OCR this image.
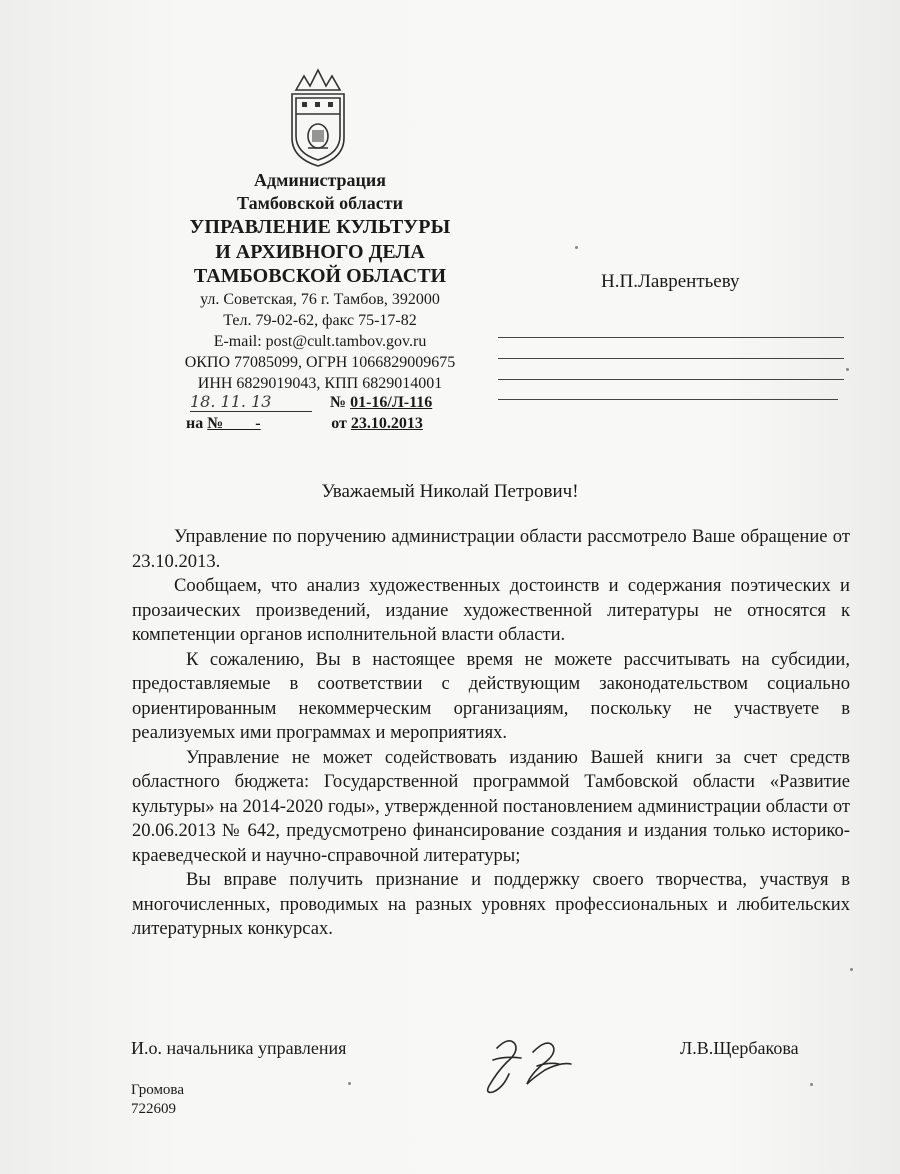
Администрация
Тамбовской области
УПРАВЛЕНИЕ КУЛЬТУРЫ
И АРХИВНОГО ДЕЛА
ТАМБОВСКОЙ ОБЛАСТИ
ул. Советская, 76 г. Тамбов, 392000
Тел. 79-02-62, факс 75-17-82
E-mail: post@cult.tambov.gov.ru
ОКПО 77085099, ОГРН 1066829009675
ИНН 6829019043, КПП 6829014001
18. 11. 13	№ 01-16/Л-116
на №        -	от 23.10.2013
Н.П.Лаврентьеву
Уважаемый Николай Петрович!

Управление по поручению администрации области рассмотрело Ваше обращение от 23.10.2013.

Сообщаем, что анализ художественных достоинств и содержания поэтических и прозаических произведений, издание художественной литературы не относятся к компетенции органов исполнительной власти области.

К сожалению, Вы в настоящее время не можете рассчитывать на субсидии, предоставляемые в соответствии с действующим законодательством социально ориентированным некоммерческим организациям, поскольку не участвуете в реализуемых ими программах и мероприятиях.

Управление не может содействовать изданию Вашей книги за счет средств областного бюджета: Государственной программой Тамбовской области «Развитие культуры» на 2014-2020 годы», утвержденной постановлением администрации области от 20.06.2013 № 642, предусмотрено финансирование создания и издания только историко-краеведческой и научно-справочной литературы;

Вы вправе получить признание и поддержку своего творчества, участвуя в многочисленных, проводимых на разных уровнях профессиональных и любительских литературных конкурсах.

И.о. начальника управления	Л.В.Щербакова
Громова
722609
